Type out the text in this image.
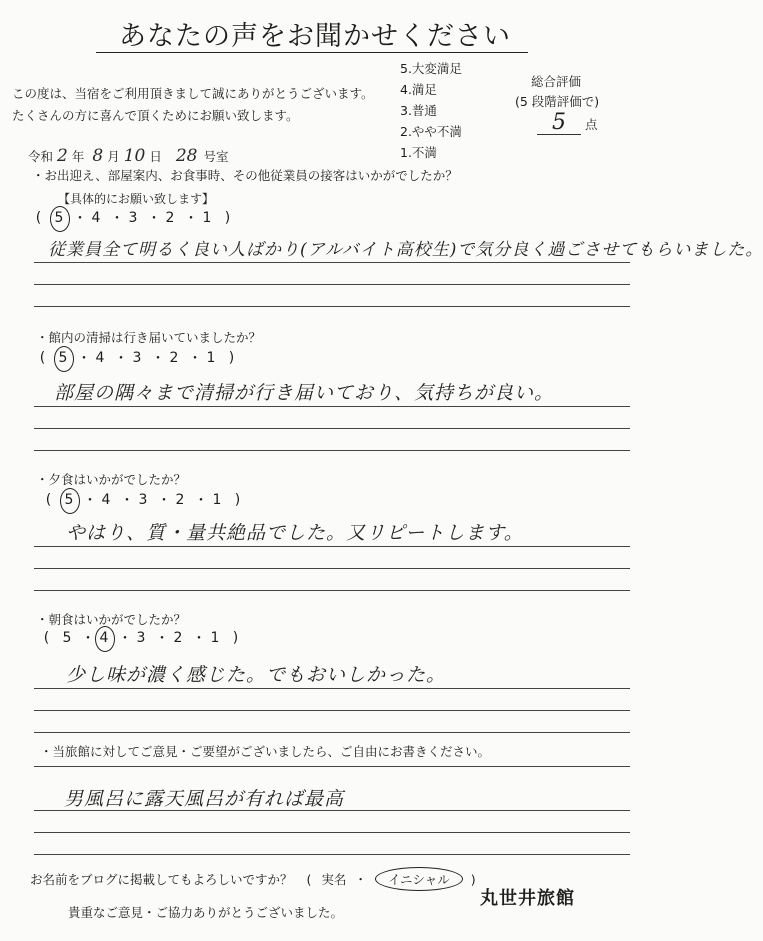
あなたの声をお聞かせください
この度は、当宿をご利用頂きまして誠にありがとうございます。
たくさんの方に喜んで頂くためにお願い致します。
5.大変満足
4.満足
3.普通
2.やや不満
1.不満
総合評価
(5 段階評価で)
5	点
令和 2 年 8 月 10 日 28 号室
・お出迎え、部屋案内、お食事時、その他従業員の接客はいかがでしたか？
【具体的にお願い致します】
( 5 ・ 4 ・ 3 ・ 2 ・ 1 )
従業員全て明るく良い人ばかり(アルバイト高校生)で気分良く過ごさせてもらいました。
・館内の清掃は行き届いていましたか？
( 5 ・ 4 ・ 3 ・ 2 ・ 1 )
部屋の隅々まで清掃が行き届いており、気持ちが良い。
・夕食はいかがでしたか？
( 5 ・ 4 ・ 3 ・ 2 ・ 1 )
やはり、質・量共絶品でした。又リピートします。
・朝食はいかがでしたか？
( 5 ・ 4 ・ 3 ・ 2 ・ 1 )
少し味が濃く感じた。でもおいしかった。
・当旅館に対してご意見・ご要望がございましたら、ご自由にお書きください。
男風呂に露天風呂が有れば最高
お名前をブログに掲載してもよろしいですか？ ( 実名 ・	イニシャル	)
貴重なご意見・ご協力ありがとうございました。
丸世井旅館
